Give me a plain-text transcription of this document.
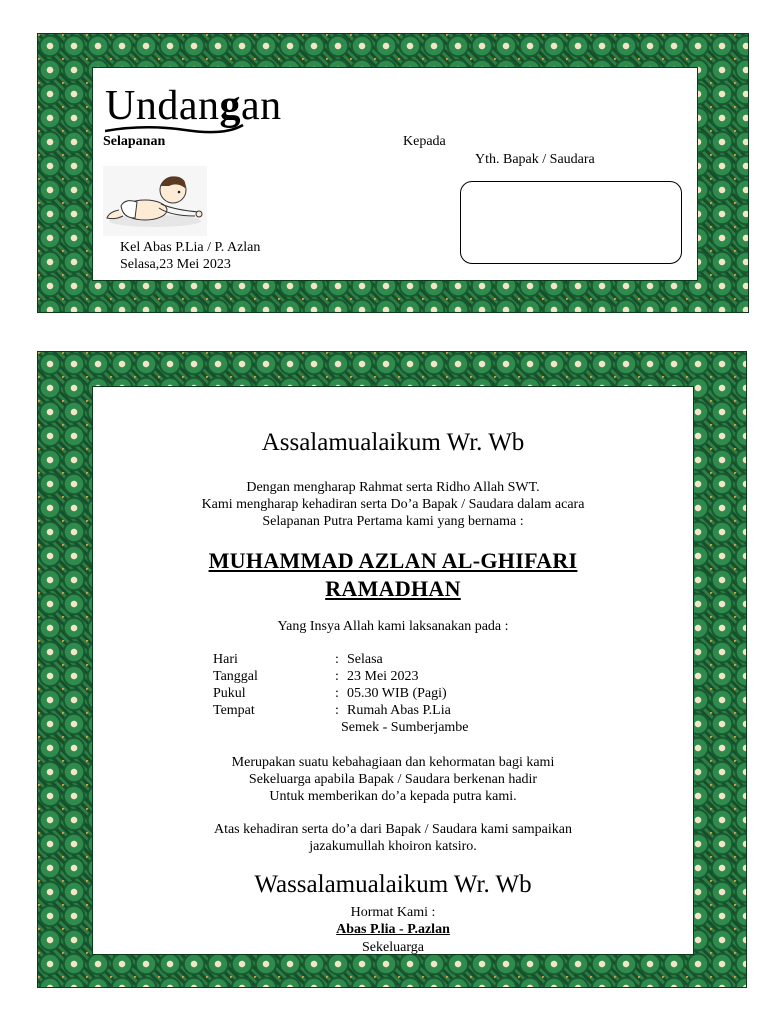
Undangan
Selapanan
Kel Abas P.Lia / P. Azlan
Selasa,23 Mei 2023
Kepada
Yth. Bapak / Saudara
Assalamualaikum Wr. Wb
Dengan mengharap Rahmat serta Ridho Allah SWT.
Kami mengharap kehadiran serta Do’a Bapak / Saudara dalam acara
Selapanan Putra Pertama kami yang bernama :
MUHAMMAD AZLAN AL-GHIFARI
RAMADHAN
Yang Insya Allah kami laksanakan pada :
Hari	: Selasa
Tanggal	: 23 Mei 2023
Pukul	: 05.30 WIB (Pagi)
Tempat	: Rumah Abas P.Lia
Semek - Sumberjambe
Merupakan suatu kebahagiaan dan kehormatan bagi kami
Sekeluarga apabila Bapak / Saudara berkenan hadir
Untuk memberikan do’a kepada putra kami.
Atas kehadiran serta do’a dari Bapak / Saudara kami sampaikan
jazakumullah khoiron katsiro.
Wassalamualaikum Wr. Wb
Hormat Kami :
Abas P.lia - P.azlan
Sekeluarga
